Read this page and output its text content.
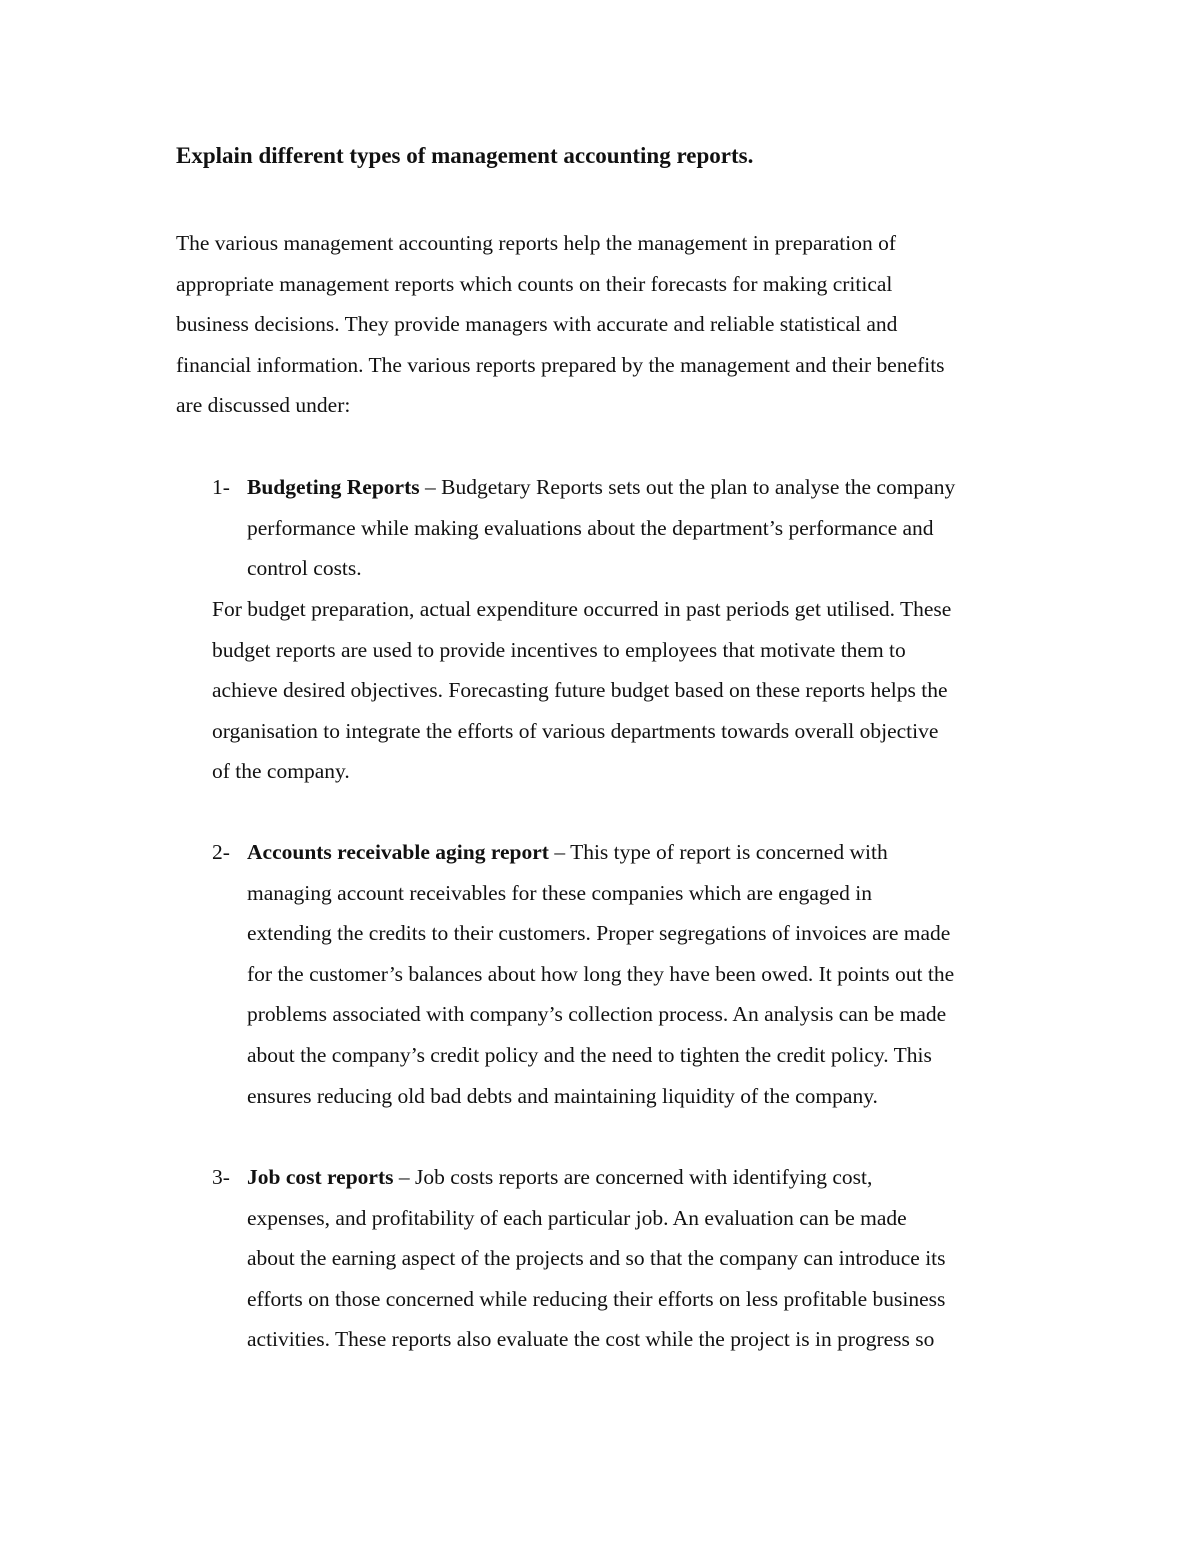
Explain different types of management accounting reports.
The various management accounting reports help the management in preparation of
appropriate management reports which counts on their forecasts for making critical
business decisions. They provide managers with accurate and reliable statistical and
financial information. The various reports prepared by the management and their benefits
are discussed under:
1- Budgeting Reports – Budgetary Reports sets out the plan to analyse the company
performance while making evaluations about the department’s performance and
control costs.
For budget preparation, actual expenditure occurred in past periods get utilised. These
budget reports are used to provide incentives to employees that motivate them to
achieve desired objectives. Forecasting future budget based on these reports helps the
organisation to integrate the efforts of various departments towards overall objective
of the company.
2- Accounts receivable aging report – This type of report is concerned with
managing account receivables for these companies which are engaged in
extending the credits to their customers. Proper segregations of invoices are made
for the customer’s balances about how long they have been owed. It points out the
problems associated with company’s collection process. An analysis can be made
about the company’s credit policy and the need to tighten the credit policy. This
ensures reducing old bad debts and maintaining liquidity of the company.
3- Job cost reports – Job costs reports are concerned with identifying cost,
expenses, and profitability of each particular job. An evaluation can be made
about the earning aspect of the projects and so that the company can introduce its
efforts on those concerned while reducing their efforts on less profitable business
activities. These reports also evaluate the cost while the project is in progress so
